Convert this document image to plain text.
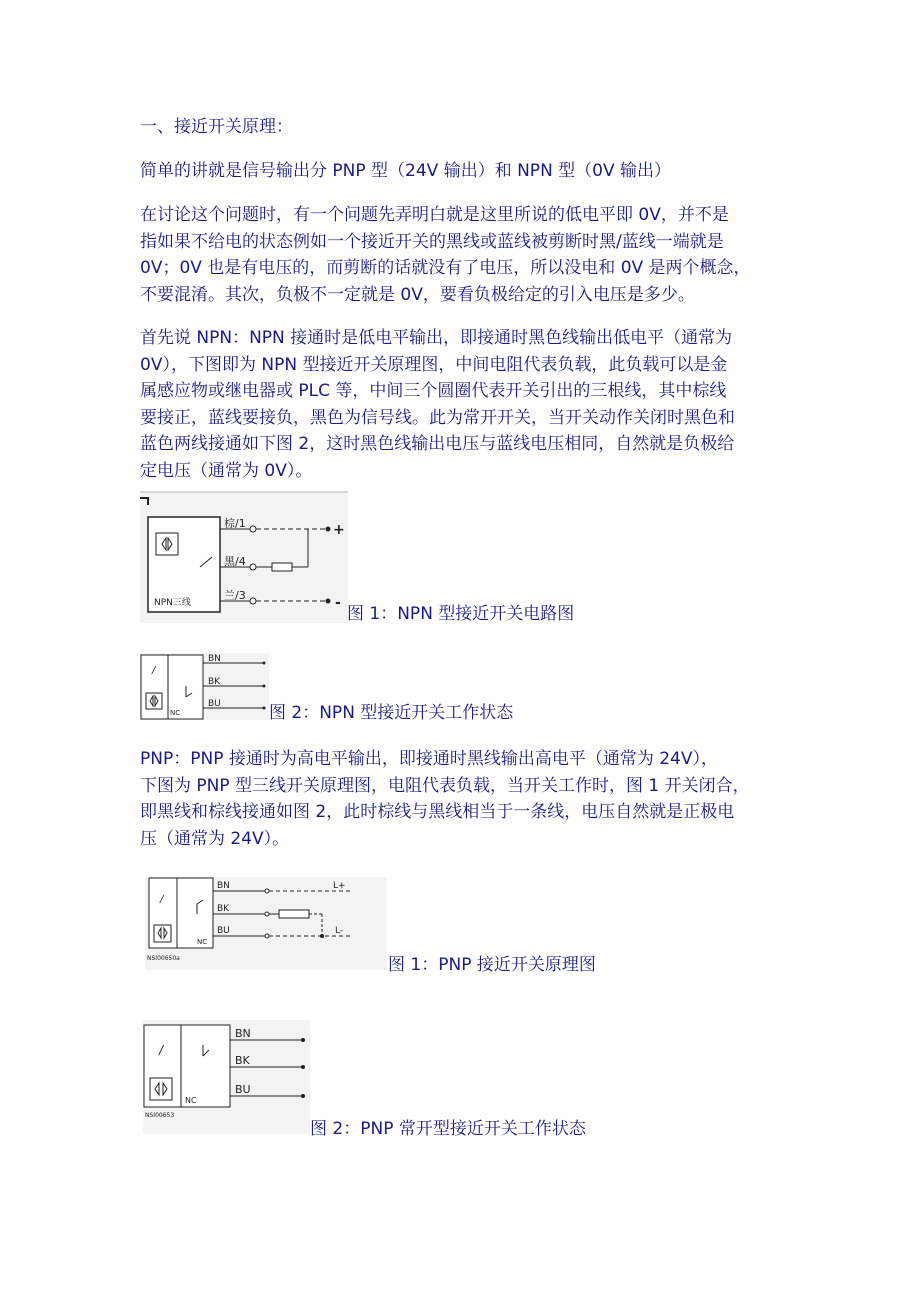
一、接近开关原理：

简单的讲就是信号输出分 PNP 型（24V 输出）和 NPN 型（0V 输出）

在讨论这个问题时，有一个问题先弄明白就是这里所说的低电平即 0V，并不是
指如果不给电的状态例如一个接近开关的黑线或蓝线被剪断时黑/蓝线一端就是
0V；0V 也是有电压的，而剪断的话就没有了电压，所以没电和 0V 是两个概念，
不要混淆。其次，负极不一定就是 0V，要看负极给定的引入电压是多少。

首先说 NPN：NPN 接通时是低电平输出，即接通时黑色线输出低电平（通常为
0V），下图即为 NPN 型接近开关原理图，中间电阻代表负载，此负载可以是金
属感应物或继电器或 PLC 等，中间三个圆圈代表开关引出的三根线，其中棕线
要接正，蓝线要接负，黑色为信号线。此为常开开关，当开关动作关闭时黑色和
蓝色两线接通如下图 2，这时黑色线输出电压与蓝线电压相同，自然就是负极给
定电压（通常为 0V）。

PNP：PNP 接通时为高电平输出，即接通时黑线输出高电平（通常为 24V），
下图为 PNP 型三线开关原理图，电阻代表负载，当开关工作时，图 1 开关闭合，
即黑线和棕线接通如图 2，此时棕线与黑线相当于一条线，电压自然就是正极电
压（通常为 24V）。

NPN三线
棕/1
黑/4
兰/3
+
-
图 1：NPN 型接近开关电路图
/
NC
BN
BK
BU	图 2：NPN 型接近开关工作状态
/
NC
BN
BK
BU
L+
L-
NSI00650a	图 1：PNP 接近开关原理图
/
NC
BN
BK
BU
NSI00653
图 2：PNP 常开型接近开关工作状态
